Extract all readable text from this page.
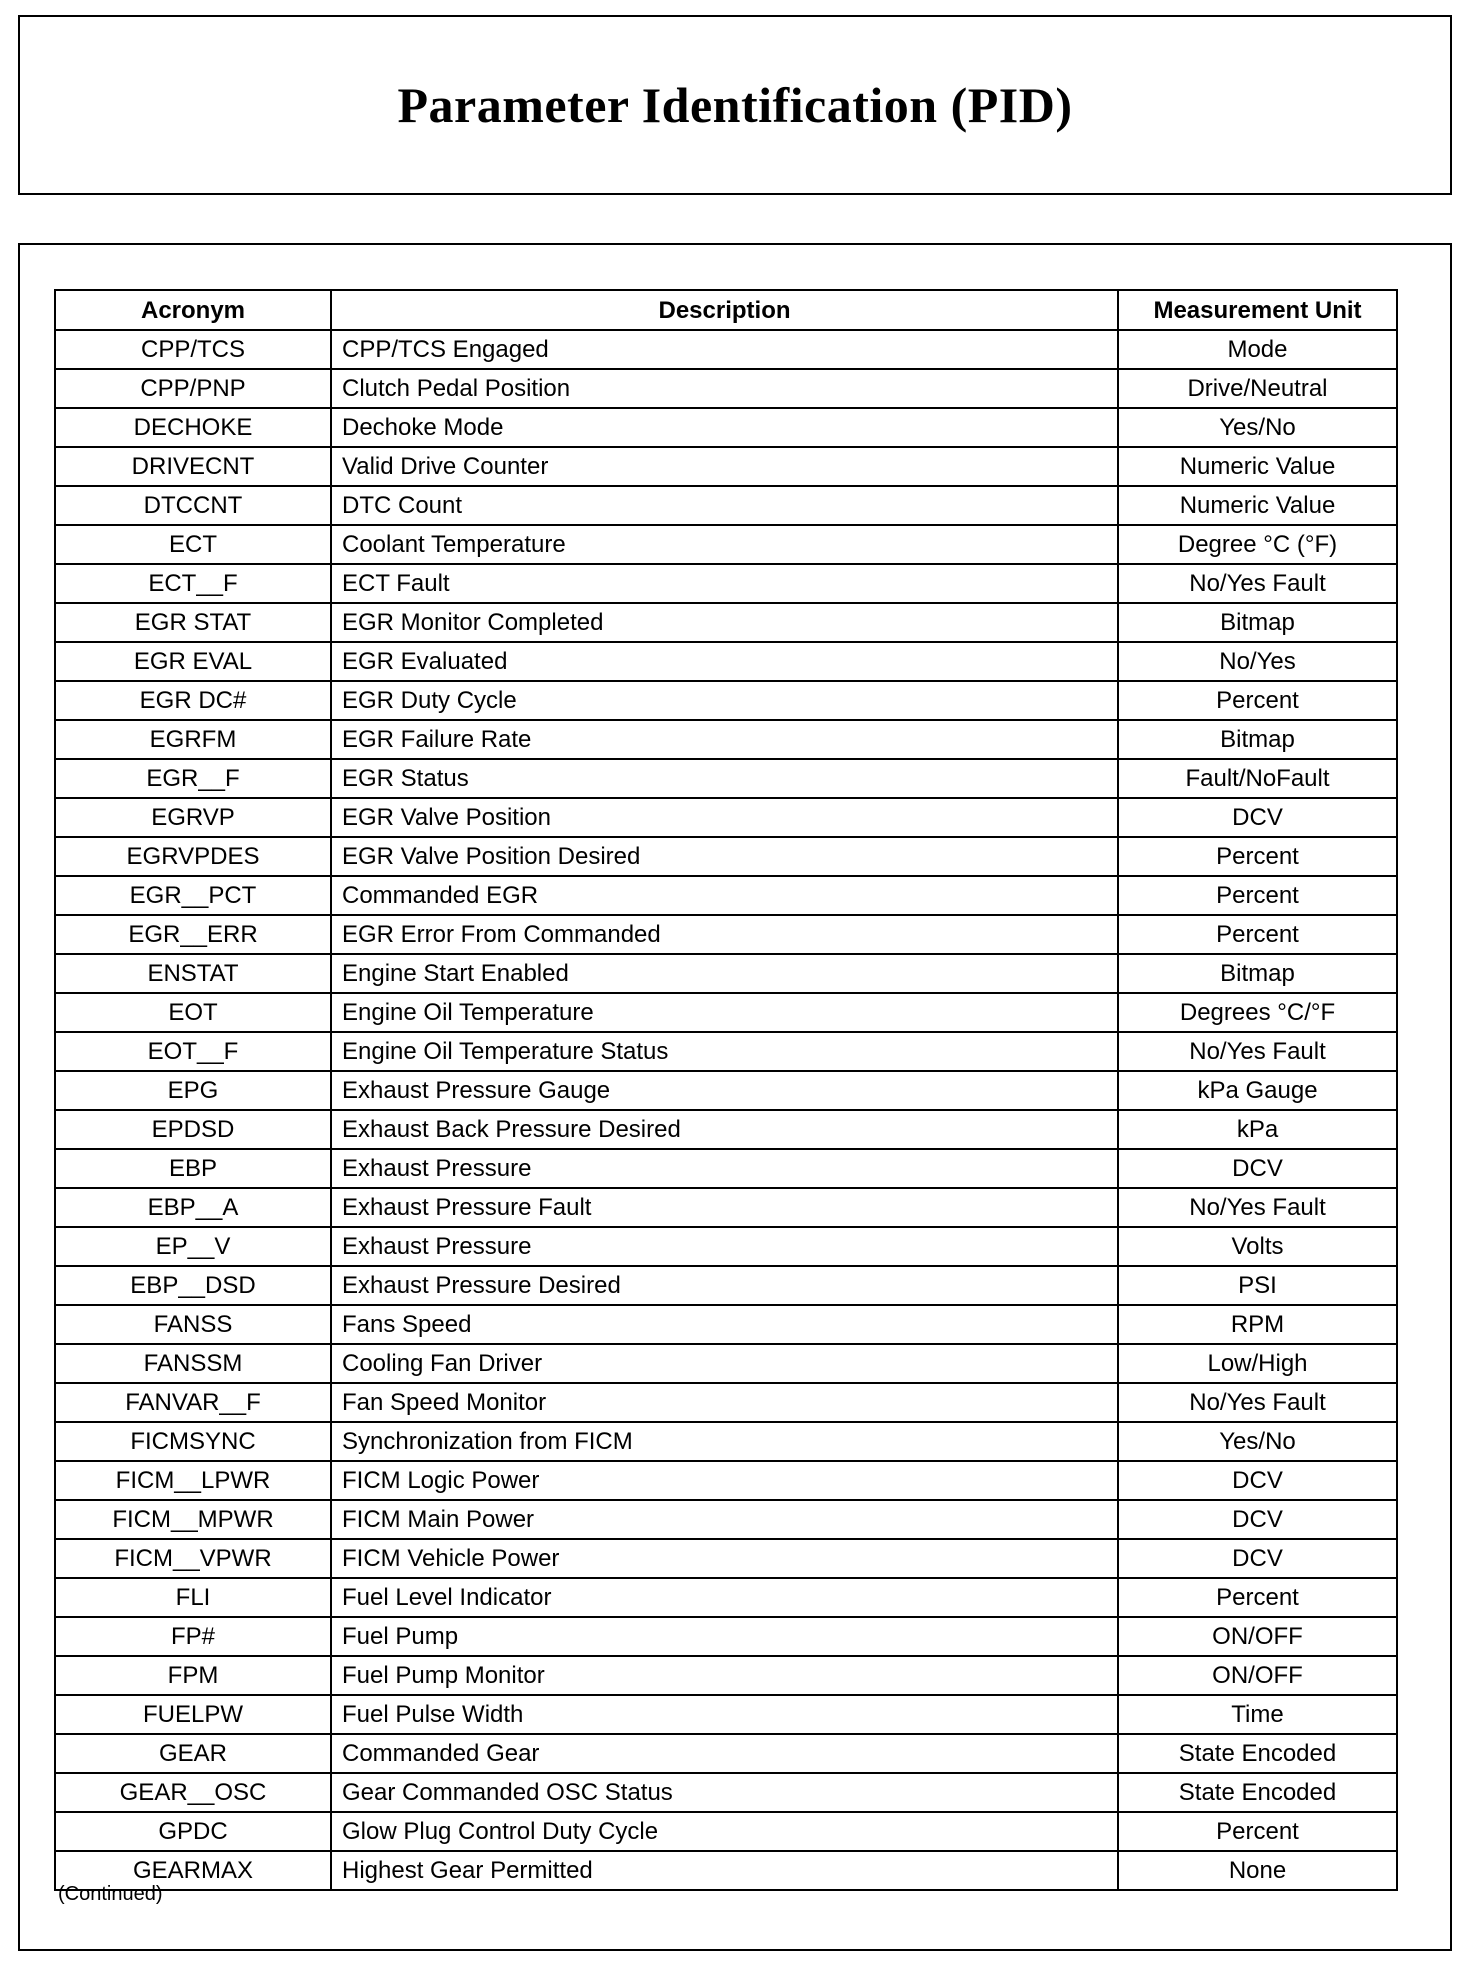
Parameter Identification (PID)
Acronym	Description	Measurement Unit
CPP/TCS	CPP/TCS Engaged	Mode
CPP/PNP	Clutch Pedal Position	Drive/Neutral
DECHOKE	Dechoke Mode	Yes/No
DRIVECNT	Valid Drive Counter	Numeric Value
DTCCNT	DTC Count	Numeric Value
ECT	Coolant Temperature	Degree °C (°F)
ECT__F	ECT Fault	No/Yes Fault
EGR STAT	EGR Monitor Completed	Bitmap
EGR EVAL	EGR Evaluated	No/Yes
EGR DC#	EGR Duty Cycle	Percent
EGRFM	EGR Failure Rate	Bitmap
EGR__F	EGR Status	Fault/NoFault
EGRVP	EGR Valve Position	DCV
EGRVPDES	EGR Valve Position Desired	Percent
EGR__PCT	Commanded EGR	Percent
EGR__ERR	EGR Error From Commanded	Percent
ENSTAT	Engine Start Enabled	Bitmap
EOT	Engine Oil Temperature	Degrees °C/°F
EOT__F	Engine Oil Temperature Status	No/Yes Fault
EPG	Exhaust Pressure Gauge	kPa Gauge
EPDSD	Exhaust Back Pressure Desired	kPa
EBP	Exhaust Pressure	DCV
EBP__A	Exhaust Pressure Fault	No/Yes Fault
EP__V	Exhaust Pressure	Volts
EBP__DSD	Exhaust Pressure Desired	PSI
FANSS	Fans Speed	RPM
FANSSM	Cooling Fan Driver	Low/High
FANVAR__F	Fan Speed Monitor	No/Yes Fault
FICMSYNC	Synchronization from FICM	Yes/No
FICM__LPWR	FICM Logic Power	DCV
FICM__MPWR	FICM Main Power	DCV
FICM__VPWR	FICM Vehicle Power	DCV
FLI	Fuel Level Indicator	Percent
FP#	Fuel Pump	ON/OFF
FPM	Fuel Pump Monitor	ON/OFF
FUELPW	Fuel Pulse Width	Time
GEAR	Commanded Gear	State Encoded
GEAR__OSC	Gear Commanded OSC Status	State Encoded
GPDC	Glow Plug Control Duty Cycle	Percent
GEARMAX	Highest Gear Permitted	None
(Continued)
